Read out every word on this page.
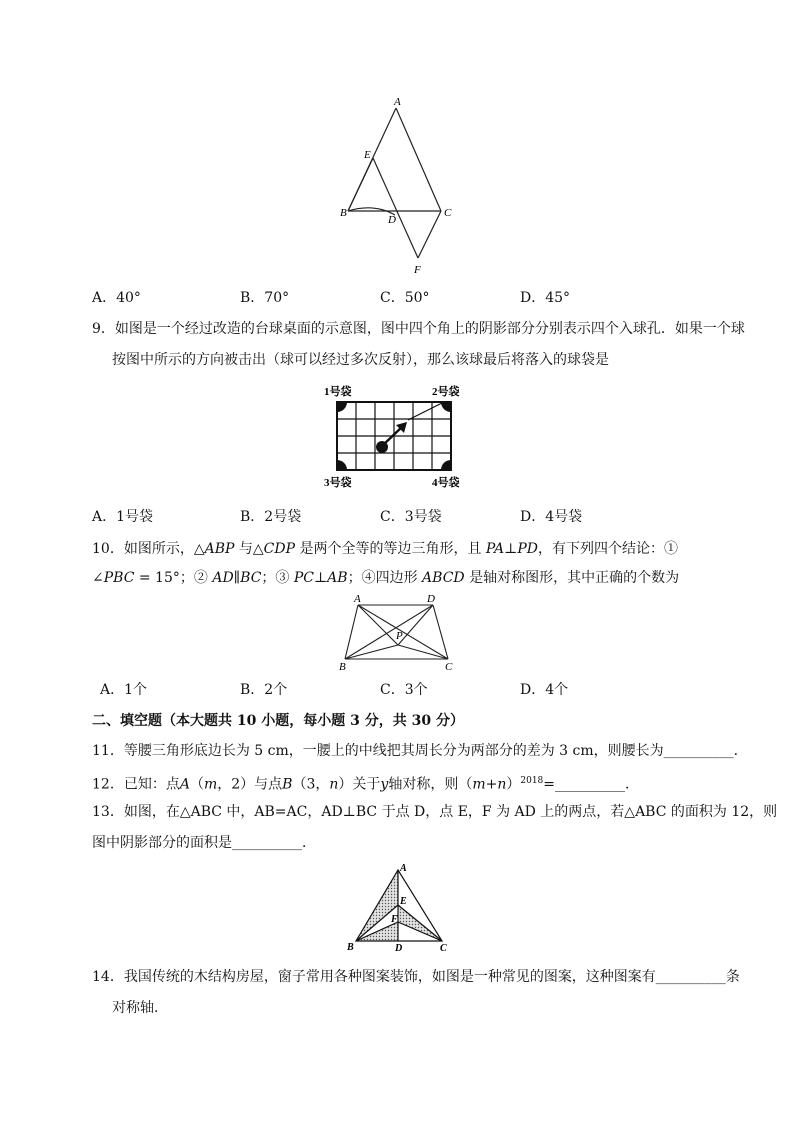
A
E
B
D
C
F
A．40°	B．70°	C．50°	D．45°
9．如图是一个经过改造的台球桌面的示意图，图中四个角上的阴影部分分别表示四个入球孔．如果一个球
按图中所示的方向被击出（球可以经过多次反射），那么该球最后将落入的球袋是
1号袋	2号袋
3号袋	4号袋
A．1号袋	B．2号袋	C．3号袋	D．4号袋
10．如图所示，△ABP 与△CDP 是两个全等的等边三角形，且 PA⊥PD，有下列四个结论：①
∠PBC = 15°；② AD∥BC；③ PC⊥AB；④四边形 ABCD 是轴对称图形，其中正确的个数为
A	D
P
B	C
A．1个	B．2个	C．3个	D．4个
二、填空题（本大题共 10 小题，每小题 3 分，共 30 分）
11．等腰三角形底边长为 5 cm，一腰上的中线把其周长分为两部分的差为 3 cm，则腰长为__________．
12．已知：点A（m，2）与点B（3，n）关于y轴对称，则$(m+n)^{2018}=\_\_\_\_\_\_\_\_\_\_$．
13．如图，在△ABC 中，AB=AC，AD⊥BC 于点 D，点 E，F 为 AD 上的两点，若△ABC 的面积为 12，则
图中阴影部分的面积是__________．
A
E
F
B	D	C
14．我国传统的木结构房屋，窗子常用各种图案装饰，如图是一种常见的图案，这种图案有__________条
对称轴．
